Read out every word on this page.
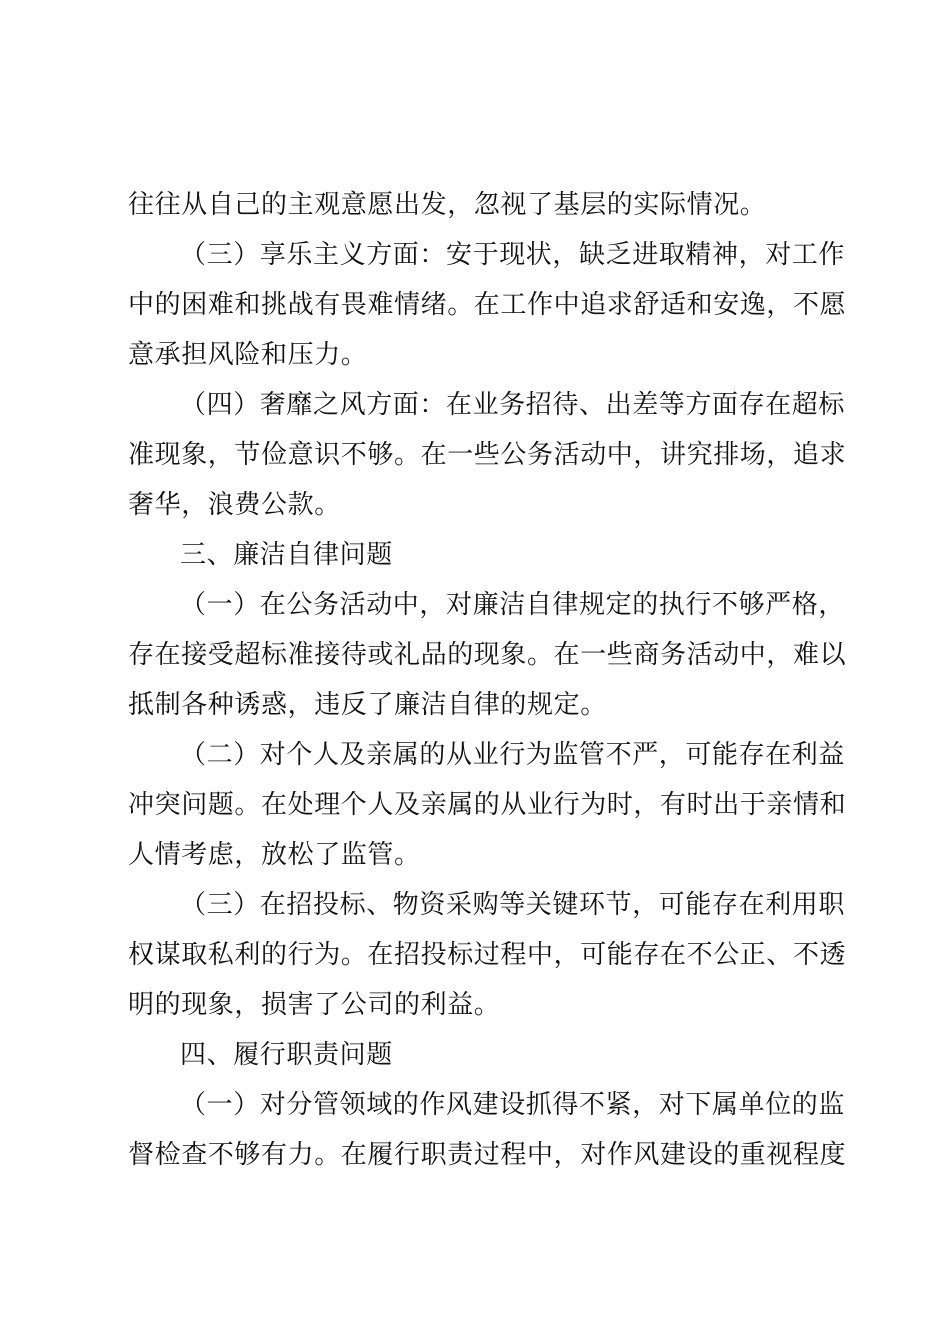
往往从自己的主观意愿出发，忽视了基层的实际情况。
（三）享乐主义方面：安于现状，缺乏进取精神，对工作
中的困难和挑战有畏难情绪。在工作中追求舒适和安逸，不愿
意承担风险和压力。
（四）奢靡之风方面：在业务招待、出差等方面存在超标
准现象，节俭意识不够。在一些公务活动中，讲究排场，追求
奢华，浪费公款。
三、廉洁自律问题
（一）在公务活动中，对廉洁自律规定的执行不够严格，
存在接受超标准接待或礼品的现象。在一些商务活动中，难以
抵制各种诱惑，违反了廉洁自律的规定。
（二）对个人及亲属的从业行为监管不严，可能存在利益
冲突问题。在处理个人及亲属的从业行为时，有时出于亲情和
人情考虑，放松了监管。
（三）在招投标、物资采购等关键环节，可能存在利用职
权谋取私利的行为。在招投标过程中，可能存在不公正、不透
明的现象，损害了公司的利益。
四、履行职责问题
（一）对分管领域的作风建设抓得不紧，对下属单位的监
督检查不够有力。在履行职责过程中，对作风建设的重视程度
